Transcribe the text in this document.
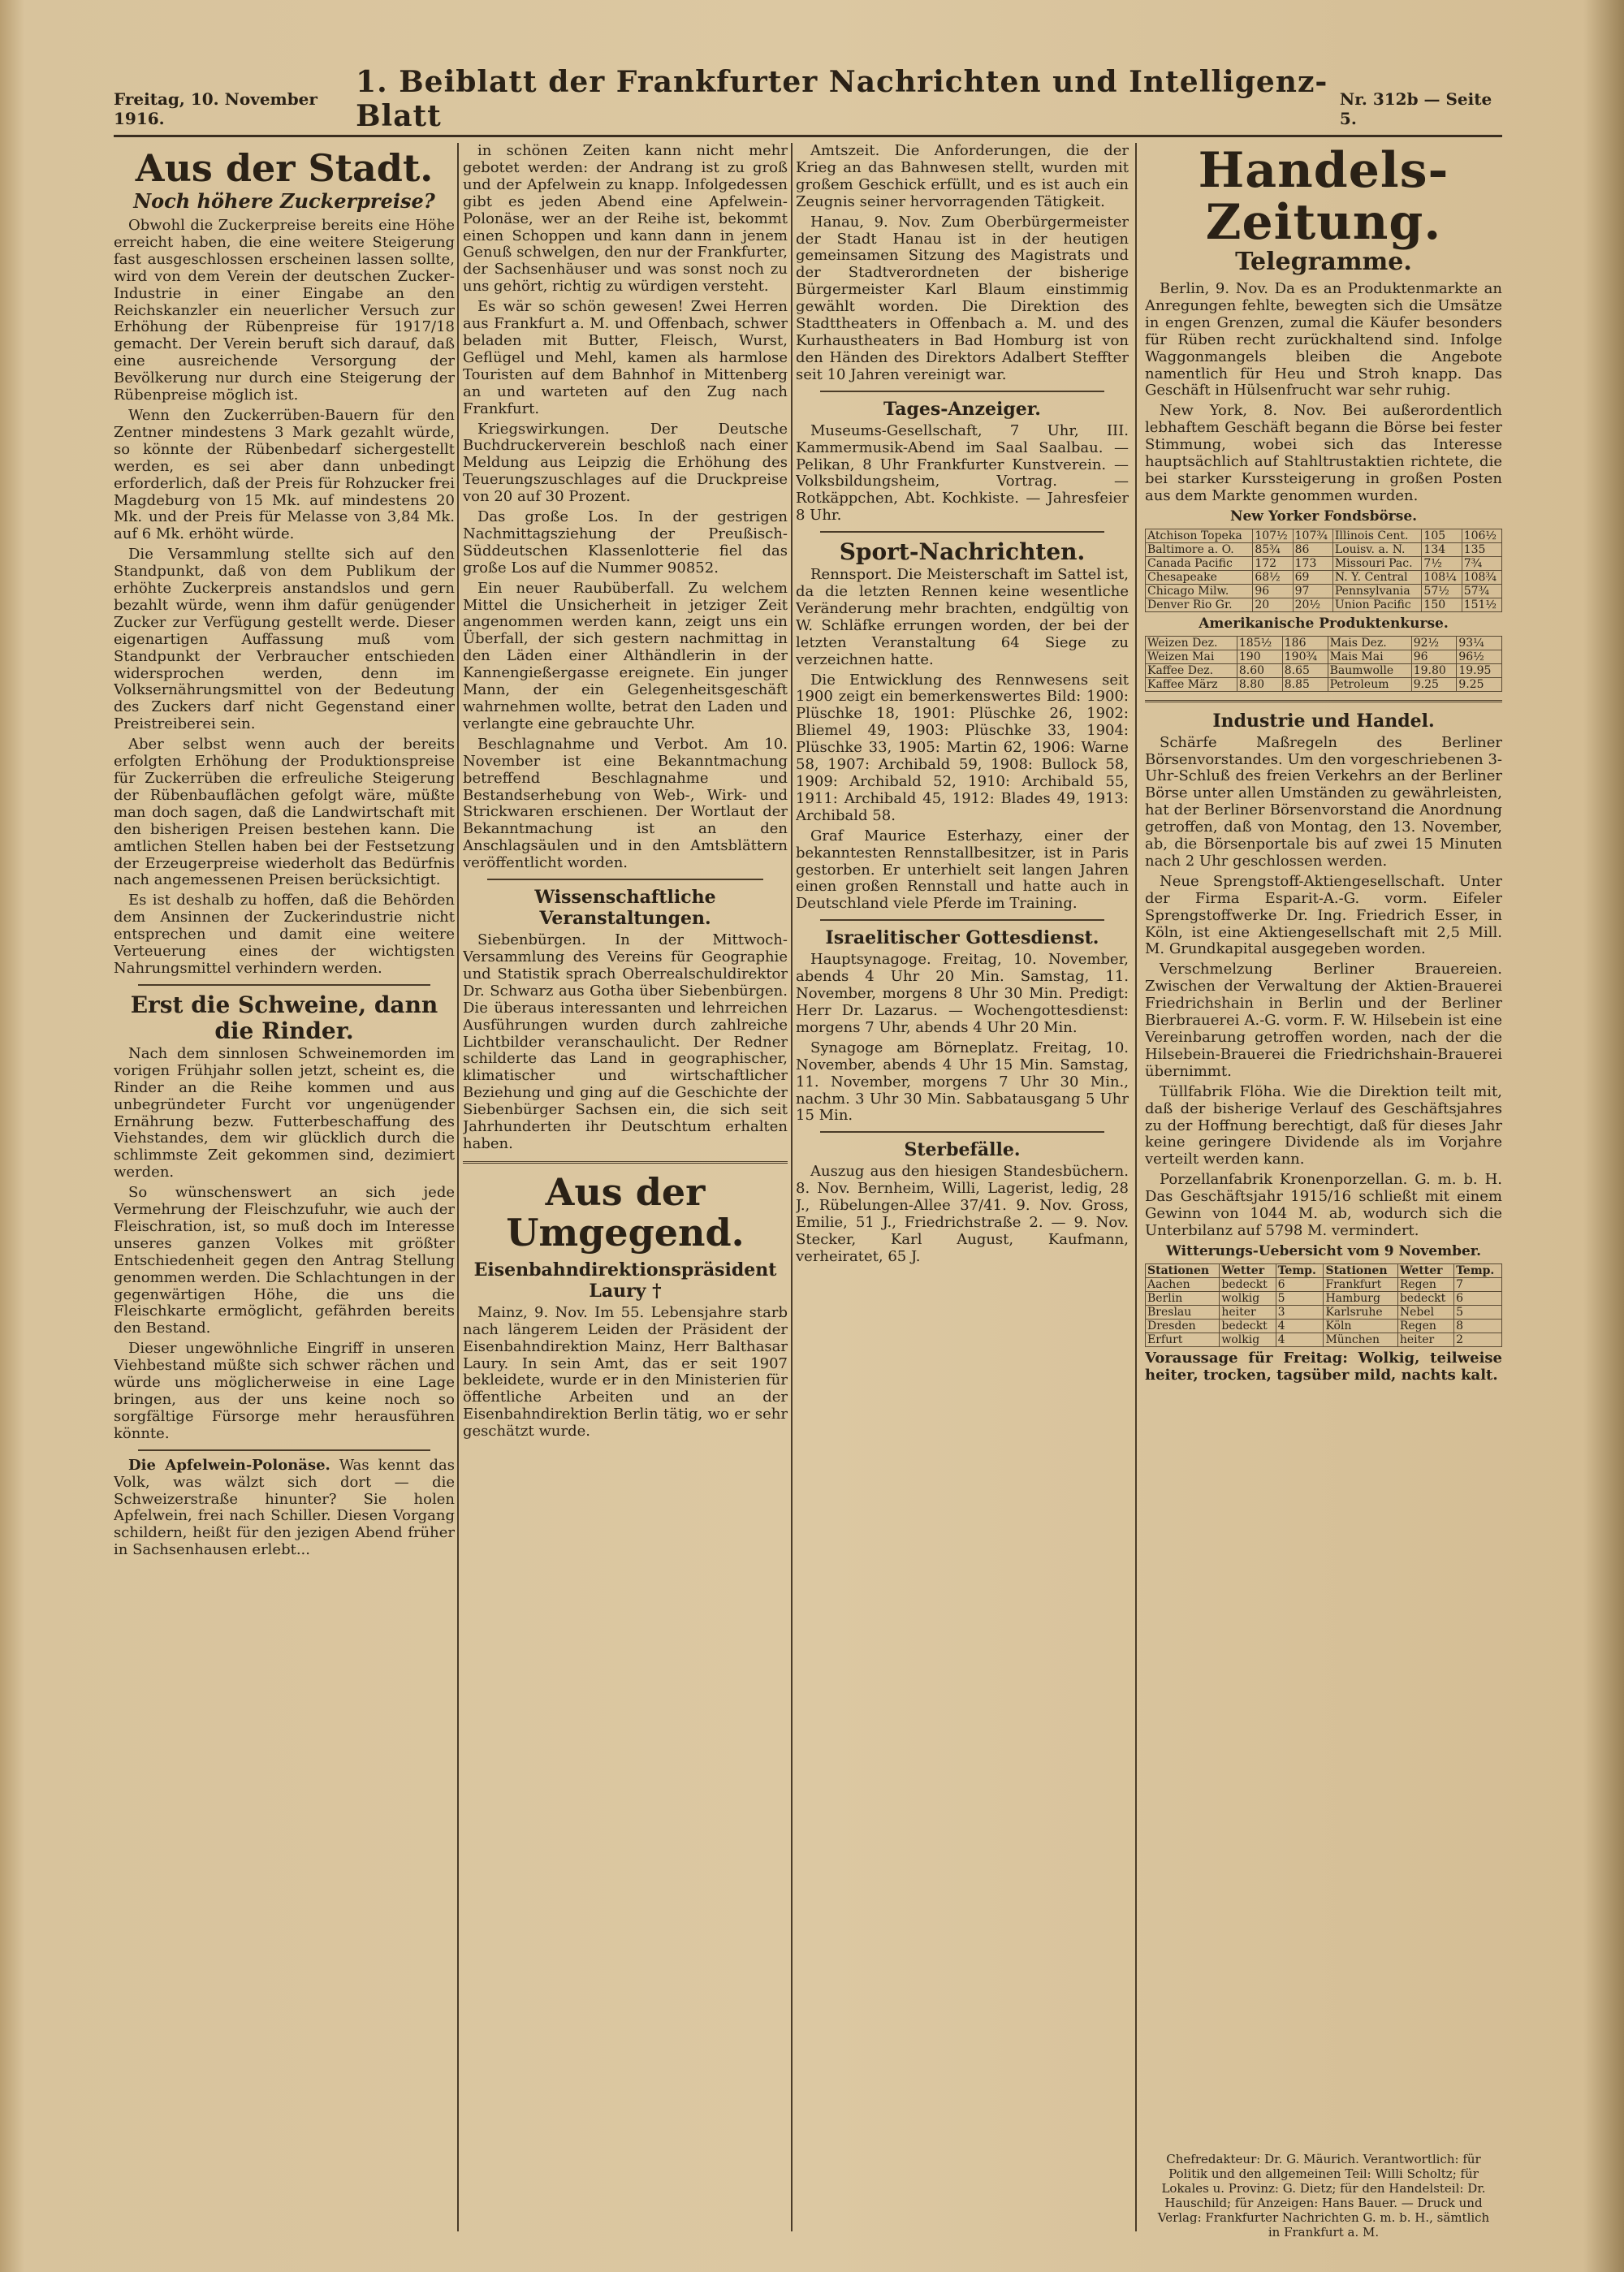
Freitag, 10. November 1916.
1. Beiblatt der Frankfurter Nachrichten und Intelligenz-Blatt	Nr. 312b — Seite 5.
Aus der Stadt.
Noch höhere Zuckerpreise?

Obwohl die Zuckerpreise bereits eine Höhe erreicht haben, die eine weitere Steigerung fast ausgeschlossen erscheinen lassen sollte, wird von dem Verein der deutschen Zucker-Industrie in einer Eingabe an den Reichskanzler ein neuerlicher Versuch zur Erhöhung der Rübenpreise für 1917/18 gemacht. Der Verein beruft sich darauf, daß eine ausreichende Versorgung der Bevölkerung nur durch eine Steigerung der Rübenpreise möglich ist.

Wenn den Zuckerrüben-Bauern für den Zentner mindestens 3 Mark gezahlt würde, so könnte der Rübenbedarf sichergestellt werden, es sei aber dann unbedingt erforderlich, daß der Preis für Rohzucker frei Magdeburg von 15 Mk. auf mindestens 20 Mk. und der Preis für Melasse von 3,84 Mk. auf 6 Mk. erhöht würde.

Die Versammlung stellte sich auf den Standpunkt, daß von dem Publikum der erhöhte Zuckerpreis anstandslos und gern bezahlt würde, wenn ihm dafür genügender Zucker zur Verfügung gestellt werde. Dieser eigenartigen Auffassung muß vom Standpunkt der Verbraucher entschieden widersprochen werden, denn im Volksernährungsmittel von der Bedeutung des Zuckers darf nicht Gegenstand einer Preistreiberei sein.

Aber selbst wenn auch der bereits erfolgten Erhöhung der Produktionspreise für Zuckerrüben die erfreuliche Steigerung der Rübenbauflächen gefolgt wäre, müßte man doch sagen, daß die Landwirtschaft mit den bisherigen Preisen bestehen kann. Die amtlichen Stellen haben bei der Festsetzung der Erzeugerpreise wiederholt das Bedürfnis nach angemessenen Preisen berücksichtigt.

Es ist deshalb zu hoffen, daß die Behörden dem Ansinnen der Zuckerindustrie nicht entsprechen und damit eine weitere Verteuerung eines der wichtigsten Nahrungsmittel verhindern werden.

Erst die Schweine, dann die Rinder.

Nach dem sinnlosen Schweinemorden im vorigen Frühjahr sollen jetzt, scheint es, die Rinder an die Reihe kommen und aus unbegründeter Furcht vor ungenügender Ernährung bezw. Futterbeschaffung des Viehstandes, dem wir glücklich durch die schlimmste Zeit gekommen sind, dezimiert werden.

So wünschenswert an sich jede Vermehrung der Fleischzufuhr, wie auch der Fleischration, ist, so muß doch im Interesse unseres ganzen Volkes mit größter Entschiedenheit gegen den Antrag Stellung genommen werden. Die Schlachtungen in der gegenwärtigen Höhe, die uns die Fleischkarte ermöglicht, gefährden bereits den Bestand.

Dieser ungewöhnliche Eingriff in unseren Viehbestand müßte sich schwer rächen und würde uns möglicherweise in eine Lage bringen, aus der uns keine noch so sorgfältige Fürsorge mehr herausführen könnte.

Die Apfelwein-Polonäse. Was kennt das Volk, was wälzt sich dort — die Schweizerstraße hinunter? Sie holen Apfelwein, frei nach Schiller. Diesen Vorgang schildern, heißt für den jezigen Abend früher in Sachsenhausen erlebt...

in schönen Zeiten kann nicht mehr gebotet werden: der Andrang ist zu groß und der Apfelwein zu knapp. Infolgedessen gibt es jeden Abend eine Apfelwein-Polonäse, wer an der Reihe ist, bekommt einen Schoppen und kann dann in jenem Genuß schwelgen, den nur der Frankfurter, der Sachsenhäuser und was sonst noch zu uns gehört, richtig zu würdigen versteht.

Es wär so schön gewesen! Zwei Herren aus Frankfurt a. M. und Offenbach, schwer beladen mit Butter, Fleisch, Wurst, Geflügel und Mehl, kamen als harmlose Touristen auf dem Bahnhof in Mittenberg an und warteten auf den Zug nach Frankfurt.

Kriegswirkungen. Der Deutsche Buchdruckerverein beschloß nach einer Meldung aus Leipzig die Erhöhung des Teuerungszuschlages auf die Druckpreise von 20 auf 30 Prozent.

Das große Los. In der gestrigen Nachmittagsziehung der Preußisch-Süddeutschen Klassenlotterie fiel das große Los auf die Nummer 90852.

Ein neuer Raubüberfall. Zu welchem Mittel die Unsicherheit in jetziger Zeit angenommen werden kann, zeigt uns ein Überfall, der sich gestern nachmittag in den Läden einer Althändlerin in der Kannengießergasse ereignete. Ein junger Mann, der ein Gelegenheitsgeschäft wahrnehmen wollte, betrat den Laden und verlangte eine gebrauchte Uhr.

Beschlagnahme und Verbot. Am 10. November ist eine Bekanntmachung betreffend Beschlagnahme und Bestandserhebung von Web-, Wirk- und Strickwaren erschienen. Der Wortlaut der Bekanntmachung ist an den Anschlagsäulen und in den Amtsblättern veröffentlicht worden.

Wissenschaftliche Veranstaltungen.

Siebenbürgen. In der Mittwoch-Versammlung des Vereins für Geographie und Statistik sprach Oberrealschuldirektor Dr. Schwarz aus Gotha über Siebenbürgen. Die überaus interessanten und lehrreichen Ausführungen wurden durch zahlreiche Lichtbilder veranschaulicht. Der Redner schilderte das Land in geographischer, klimatischer und wirtschaftlicher Beziehung und ging auf die Geschichte der Siebenbürger Sachsen ein, die sich seit Jahrhunderten ihr Deutschtum erhalten haben.

Aus der Umgegend.
Eisenbahndirektionspräsident Laury †

Mainz, 9. Nov. Im 55. Lebensjahre starb nach längerem Leiden der Präsident der Eisenbahndirektion Mainz, Herr Balthasar Laury. In sein Amt, das er seit 1907 bekleidete, wurde er in den Ministerien für öffentliche Arbeiten und an der Eisenbahndirektion Berlin tätig, wo er sehr geschätzt wurde.

Amtszeit. Die Anforderungen, die der Krieg an das Bahnwesen stellt, wurden mit großem Geschick erfüllt, und es ist auch ein Zeugnis seiner hervorragenden Tätigkeit.

Hanau, 9. Nov. Zum Oberbürgermeister der Stadt Hanau ist in der heutigen gemeinsamen Sitzung des Magistrats und der Stadtverordneten der bisherige Bürgermeister Karl Blaum einstimmig gewählt worden. Die Direktion des Stadttheaters in Offenbach a. M. und des Kurhaustheaters in Bad Homburg ist von den Händen des Direktors Adalbert Steffter seit 10 Jahren vereinigt war.

Tages-Anzeiger.

Museums-Gesellschaft, 7 Uhr, III. Kammermusik-Abend im Saal Saalbau. — Pelikan, 8 Uhr Frankfurter Kunstverein. — Volksbildungsheim, Vortrag. — Rotkäppchen, Abt. Kochkiste. — Jahresfeier 8 Uhr.

Sport-Nachrichten.

Rennsport. Die Meisterschaft im Sattel ist, da die letzten Rennen keine wesentliche Veränderung mehr brachten, endgültig von W. Schläfke errungen worden, der bei der letzten Veranstaltung 64 Siege zu verzeichnen hatte.

Die Entwicklung des Rennwesens seit 1900 zeigt ein bemerkenswertes Bild: 1900: Plüschke 18, 1901: Plüschke 26, 1902: Bliemel 49, 1903: Plüschke 33, 1904: Plüschke 33, 1905: Martin 62, 1906: Warne 58, 1907: Archibald 59, 1908: Bullock 58, 1909: Archibald 52, 1910: Archibald 55, 1911: Archibald 45, 1912: Blades 49, 1913: Archibald 58.

Graf Maurice Esterhazy, einer der bekanntesten Rennstallbesitzer, ist in Paris gestorben. Er unterhielt seit langen Jahren einen großen Rennstall und hatte auch in Deutschland viele Pferde im Training.

Israelitischer Gottesdienst.

Hauptsynagoge. Freitag, 10. November, abends 4 Uhr 20 Min. Samstag, 11. November, morgens 8 Uhr 30 Min. Predigt: Herr Dr. Lazarus. — Wochengottesdienst: morgens 7 Uhr, abends 4 Uhr 20 Min.

Synagoge am Börneplatz. Freitag, 10. November, abends 4 Uhr 15 Min. Samstag, 11. November, morgens 7 Uhr 30 Min., nachm. 3 Uhr 30 Min. Sabbatausgang 5 Uhr 15 Min.

Sterbefälle.

Auszug aus den hiesigen Standesbüchern. 8. Nov. Bernheim, Willi, Lagerist, ledig, 28 J., Rübelungen-Allee 37/41. 9. Nov. Gross, Emilie, 51 J., Friedrichstraße 2. — 9. Nov. Stecker, Karl August, Kaufmann, verheiratet, 65 J.

Handels-Zeitung.
Telegramme.

Berlin, 9. Nov. Da es an Produktenmarkte an Anregungen fehlte, bewegten sich die Umsätze in engen Grenzen, zumal die Käufer besonders für Rüben recht zurückhaltend sind. Infolge Waggonmangels bleiben die Angebote namentlich für Heu und Stroh knapp. Das Geschäft in Hülsenfrucht war sehr ruhig.

New York, 8. Nov. Bei außerordentlich lebhaftem Geschäft begann die Börse bei fester Stimmung, wobei sich das Interesse hauptsächlich auf Stahltrustaktien richtete, die bei starker Kurssteigerung in großen Posten aus dem Markte genommen wurden.

New Yorker Fondsbörse.
Atchison Topeka	107½	107¾	Illinois Cent.	105	106½
Baltimore a. O.	85¾	86	Louisv. a. N.	134	135
Canada Pacific	172	173	Missouri Pac.	7½	7¾
Chesapeake	68½	69	N. Y. Central	108¼	108¾
Chicago Milw.	96	97	Pennsylvania	57½	57¾
Denver Rio Gr.	20	20½	Union Pacific	150	151½
Amerikanische Produktenkurse.
Weizen Dez.	185½	186	Mais Dez.	92½	93¼
Weizen Mai	190	190¾	Mais Mai	96	96½
Kaffee Dez.	8.60	8.65	Baumwolle	19.80	19.95
Kaffee März	8.80	8.85	Petroleum	9.25	9.25
Industrie und Handel.

Schärfe Maßregeln des Berliner Börsenvorstandes. Um den vorgeschriebenen 3-Uhr-Schluß des freien Verkehrs an der Berliner Börse unter allen Umständen zu gewährleisten, hat der Berliner Börsenvorstand die Anordnung getroffen, daß von Montag, den 13. November, ab, die Börsenportale bis auf zwei 15 Minuten nach 2 Uhr geschlossen werden.

Neue Sprengstoff-Aktiengesellschaft. Unter der Firma Esparit-A.-G. vorm. Eifeler Sprengstoffwerke Dr. Ing. Friedrich Esser, in Köln, ist eine Aktiengesellschaft mit 2,5 Mill. M. Grundkapital ausgegeben worden.

Verschmelzung Berliner Brauereien. Zwischen der Verwaltung der Aktien-Brauerei Friedrichshain in Berlin und der Berliner Bierbrauerei A.-G. vorm. F. W. Hilsebein ist eine Vereinbarung getroffen worden, nach der die Hilsebein-Brauerei die Friedrichshain-Brauerei übernimmt.

Tüllfabrik Flöha. Wie die Direktion teilt mit, daß der bisherige Verlauf des Geschäftsjahres zu der Hoffnung berechtigt, daß für dieses Jahr keine geringere Dividende als im Vorjahre verteilt werden kann.

Porzellanfabrik Kronenporzellan. G. m. b. H. Das Geschäftsjahr 1915/16 schließt mit einem Gewinn von 1044 M. ab, wodurch sich die Unterbilanz auf 5798 M. vermindert.

Witterungs-Uebersicht vom 9 November.
Stationen	Wetter	Temp.	Stationen	Wetter	Temp.
Aachen	bedeckt	6	Frankfurt	Regen	7
Berlin	wolkig	5	Hamburg	bedeckt	6
Breslau	heiter	3	Karlsruhe	Nebel	5
Dresden	bedeckt	4	Köln	Regen	8
Erfurt	wolkig	4	München	heiter	2

Voraussage für Freitag: Wolkig, teilweise heiter, trocken, tagsüber mild, nachts kalt.

Chefredakteur: Dr. G. Mäurich. Verantwortlich: für Politik und den allgemeinen Teil: Willi Scholtz; für Lokales u. Provinz: G. Dietz; für den Handelsteil: Dr. Hauschild; für Anzeigen: Hans Bauer. — Druck und Verlag: Frankfurter Nachrichten G. m. b. H., sämtlich in Frankfurt a. M.
